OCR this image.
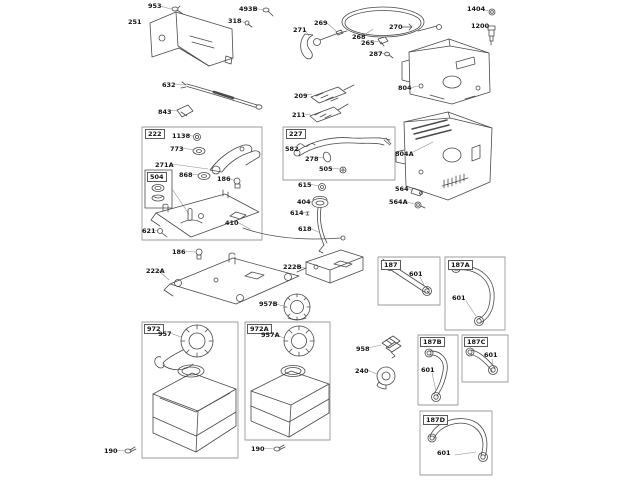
953
251
493B
318	269
271
268
270
265
287
1404
1200
804
632
843
209
211
222	1138
773
271A
504	868	186
621
410
186
222A
227
582
278
505
615
404
614
618
804A
564
564A
222B
957B
187
601
187A
601
958
240
972
957
190
972A
957A
190
187B
601
187C
601
187D
601
